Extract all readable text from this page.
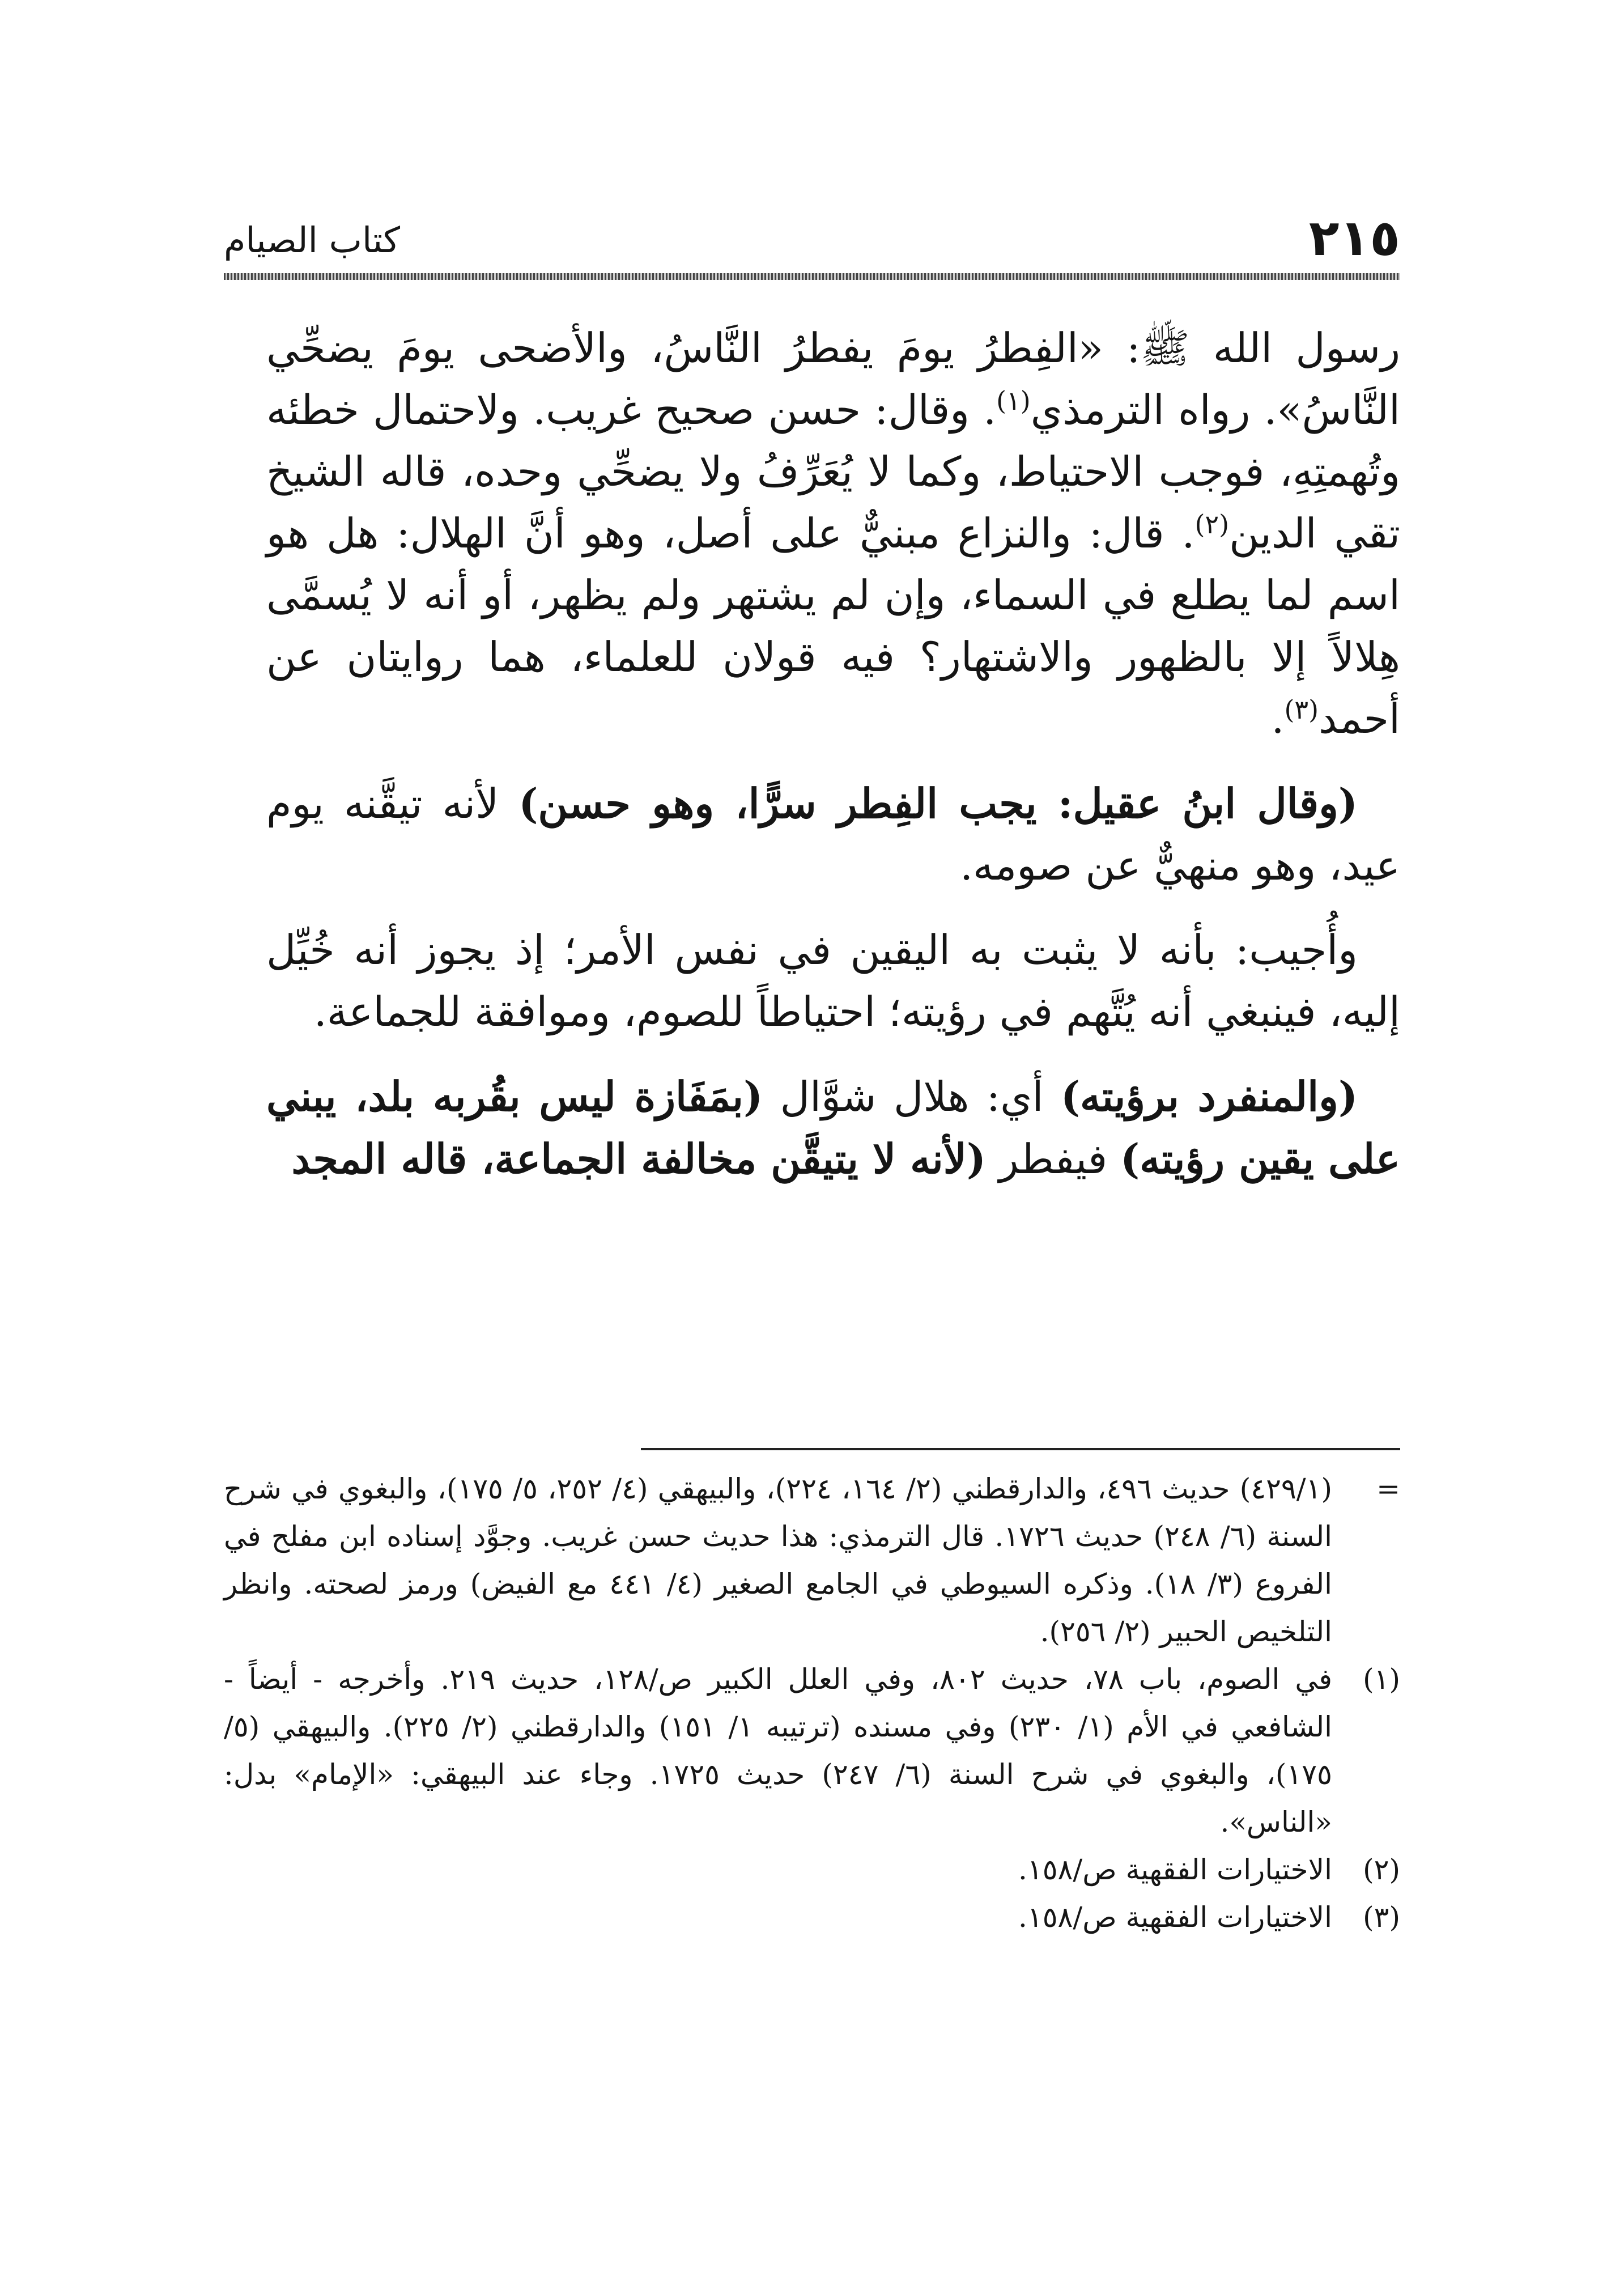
٢١٥
كتاب الصيام

رسول الله ﷺ: «الفِطرُ يومَ يفطرُ النَّاسُ، والأضحى يومَ يضحِّي النَّاسُ». رواه الترمذي$^{(١)}$. وقال: حسن صحيح غريب. ولاحتمال خطئه وتُهمتِهِ، فوجب الاحتياط، وكما لا يُعَرِّفُ ولا يضحِّي وحده، قاله الشيخ تقي الدين$^{(٢)}$. قال: والنزاع مبنيٌّ على أصل، وهو أنَّ الهلال: هل هو اسم لما يطلع في السماء، وإن لم يشتهر ولم يظهر، أو أنه لا يُسمَّى هِلالاً إلا بالظهور والاشتهار؟ فيه قولان للعلماء، هما روايتان عن أحمد$^{(٣)}$.

(وقال ابنُ عقيل: يجب الفِطر سرًّا، وهو حسن) لأنه تيقَّنه يوم عيد، وهو منهيٌّ عن صومه.

وأُجيب: بأنه لا يثبت به اليقين في نفس الأمر؛ إذ يجوز أنه خُيِّل إليه، فينبغي أنه يُتَّهم في رؤيته؛ احتياطاً للصوم، وموافقة للجماعة.

(والمنفرد برؤيته) أي: هلال شوَّال (بمَفَازة ليس بقُربه بلد، يبني على يقين رؤيته) فيفطر (لأنه لا يتيقَّن مخالفة الجماعة، قاله المجد

=
(٤٢٩/١) حديث ٤٩٦، والدارقطني (٢/ ١٦٤، ٢٢٤)، والبيهقي (٤/ ٢٥٢، ٥/ ١٧٥)، والبغوي في شرح السنة (٦/ ٢٤٨) حديث ١٧٢٦. قال الترمذي: هذا حديث حسن غريب. وجوَّد إسناده ابن مفلح في الفروع (٣/ ١٨). وذكره السيوطي في الجامع الصغير (٤/ ٤٤١ مع الفيض) ورمز لصحته. وانظر التلخيص الحبير (٢/ ٢٥٦).

(١)
في الصوم، باب ٧٨، حديث ٨٠٢، وفي العلل الكبير ص/١٢٨، حديث ٢١٩. وأخرجه - أيضاً - الشافعي في الأم (١/ ٢٣٠) وفي مسنده (ترتيبه ١/ ١٥١) والدارقطني (٢/ ٢٢٥). والبيهقي (٥/ ١٧٥)، والبغوي في شرح السنة (٦/ ٢٤٧) حديث ١٧٢٥. وجاء عند البيهقي: «الإمام» بدل: «الناس».

(٢)
الاختيارات الفقهية ص/١٥٨.

(٣)
الاختيارات الفقهية ص/١٥٨.
